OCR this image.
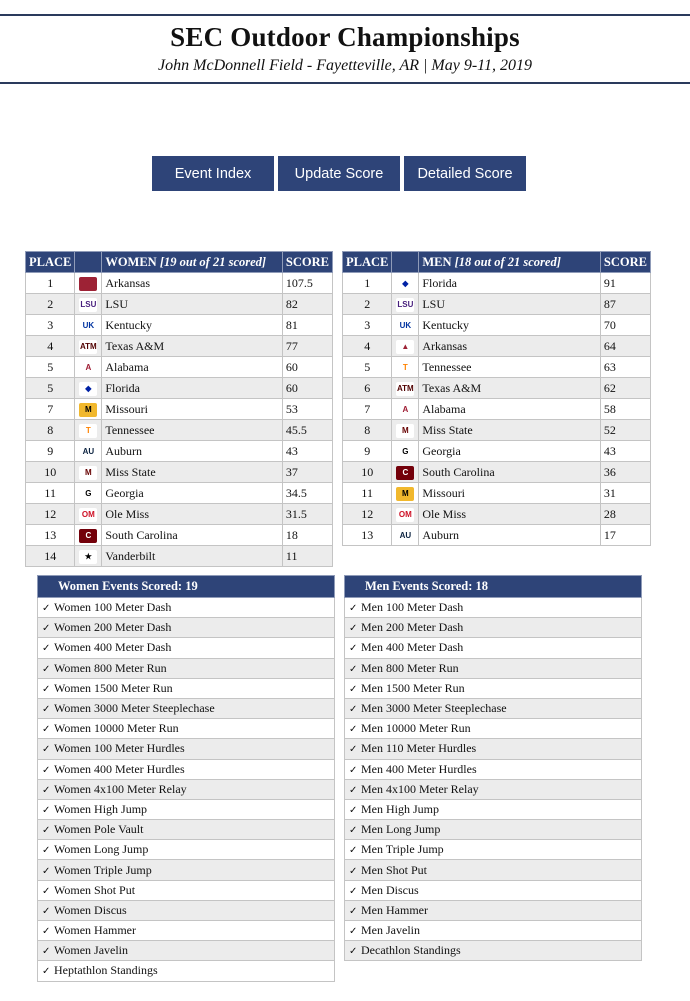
SEC Outdoor Championships
John McDonnell Field - Fayetteville, AR | May 9-11, 2019
Event Index	Update Score	Detailed Score
PLACE		WOMEN [19 out of 21 scored]	SCORE
1	▲	Arkansas	107.5
2	LSU	LSU	82
3	UK	Kentucky	81
4	ATM	Texas A&M	77
5	A	Alabama	60
5	◆	Florida	60
7	M	Missouri	53
8	T	Tennessee	45.5
9	AU	Auburn	43
10	M	Miss State	37
11	G	Georgia	34.5
12	OM	Ole Miss	31.5
13	C	South Carolina	18
14	★	Vanderbilt	11
PLACE		MEN [18 out of 21 scored]	SCORE
1	◆	Florida	91
2	LSU	LSU	87
3	UK	Kentucky	70
4	▲	Arkansas	64
5	T	Tennessee	63
6	ATM	Texas A&M	62
7	A	Alabama	58
8	M	Miss State	52
9	G	Georgia	43
10	C	South Carolina	36
11	M	Missouri	31
12	OM	Ole Miss	28
13	AU	Auburn	17
Women Events Scored: 19
✓ Women 100 Meter Dash
✓ Women 200 Meter Dash
✓ Women 400 Meter Dash
✓ Women 800 Meter Run
✓ Women 1500 Meter Run
✓ Women 3000 Meter Steeplechase
✓ Women 10000 Meter Run
✓ Women 100 Meter Hurdles
✓ Women 400 Meter Hurdles
✓ Women 4x100 Meter Relay
✓ Women High Jump
✓ Women Pole Vault
✓ Women Long Jump
✓ Women Triple Jump
✓ Women Shot Put
✓ Women Discus
✓ Women Hammer
✓ Women Javelin
✓ Heptathlon Standings
Men Events Scored: 18
✓ Men 100 Meter Dash
✓ Men 200 Meter Dash
✓ Men 400 Meter Dash
✓ Men 800 Meter Run
✓ Men 1500 Meter Run
✓ Men 3000 Meter Steeplechase
✓ Men 10000 Meter Run
✓ Men 110 Meter Hurdles
✓ Men 400 Meter Hurdles
✓ Men 4x100 Meter Relay
✓ Men High Jump
✓ Men Long Jump
✓ Men Triple Jump
✓ Men Shot Put
✓ Men Discus
✓ Men Hammer
✓ Men Javelin
✓ Decathlon Standings
